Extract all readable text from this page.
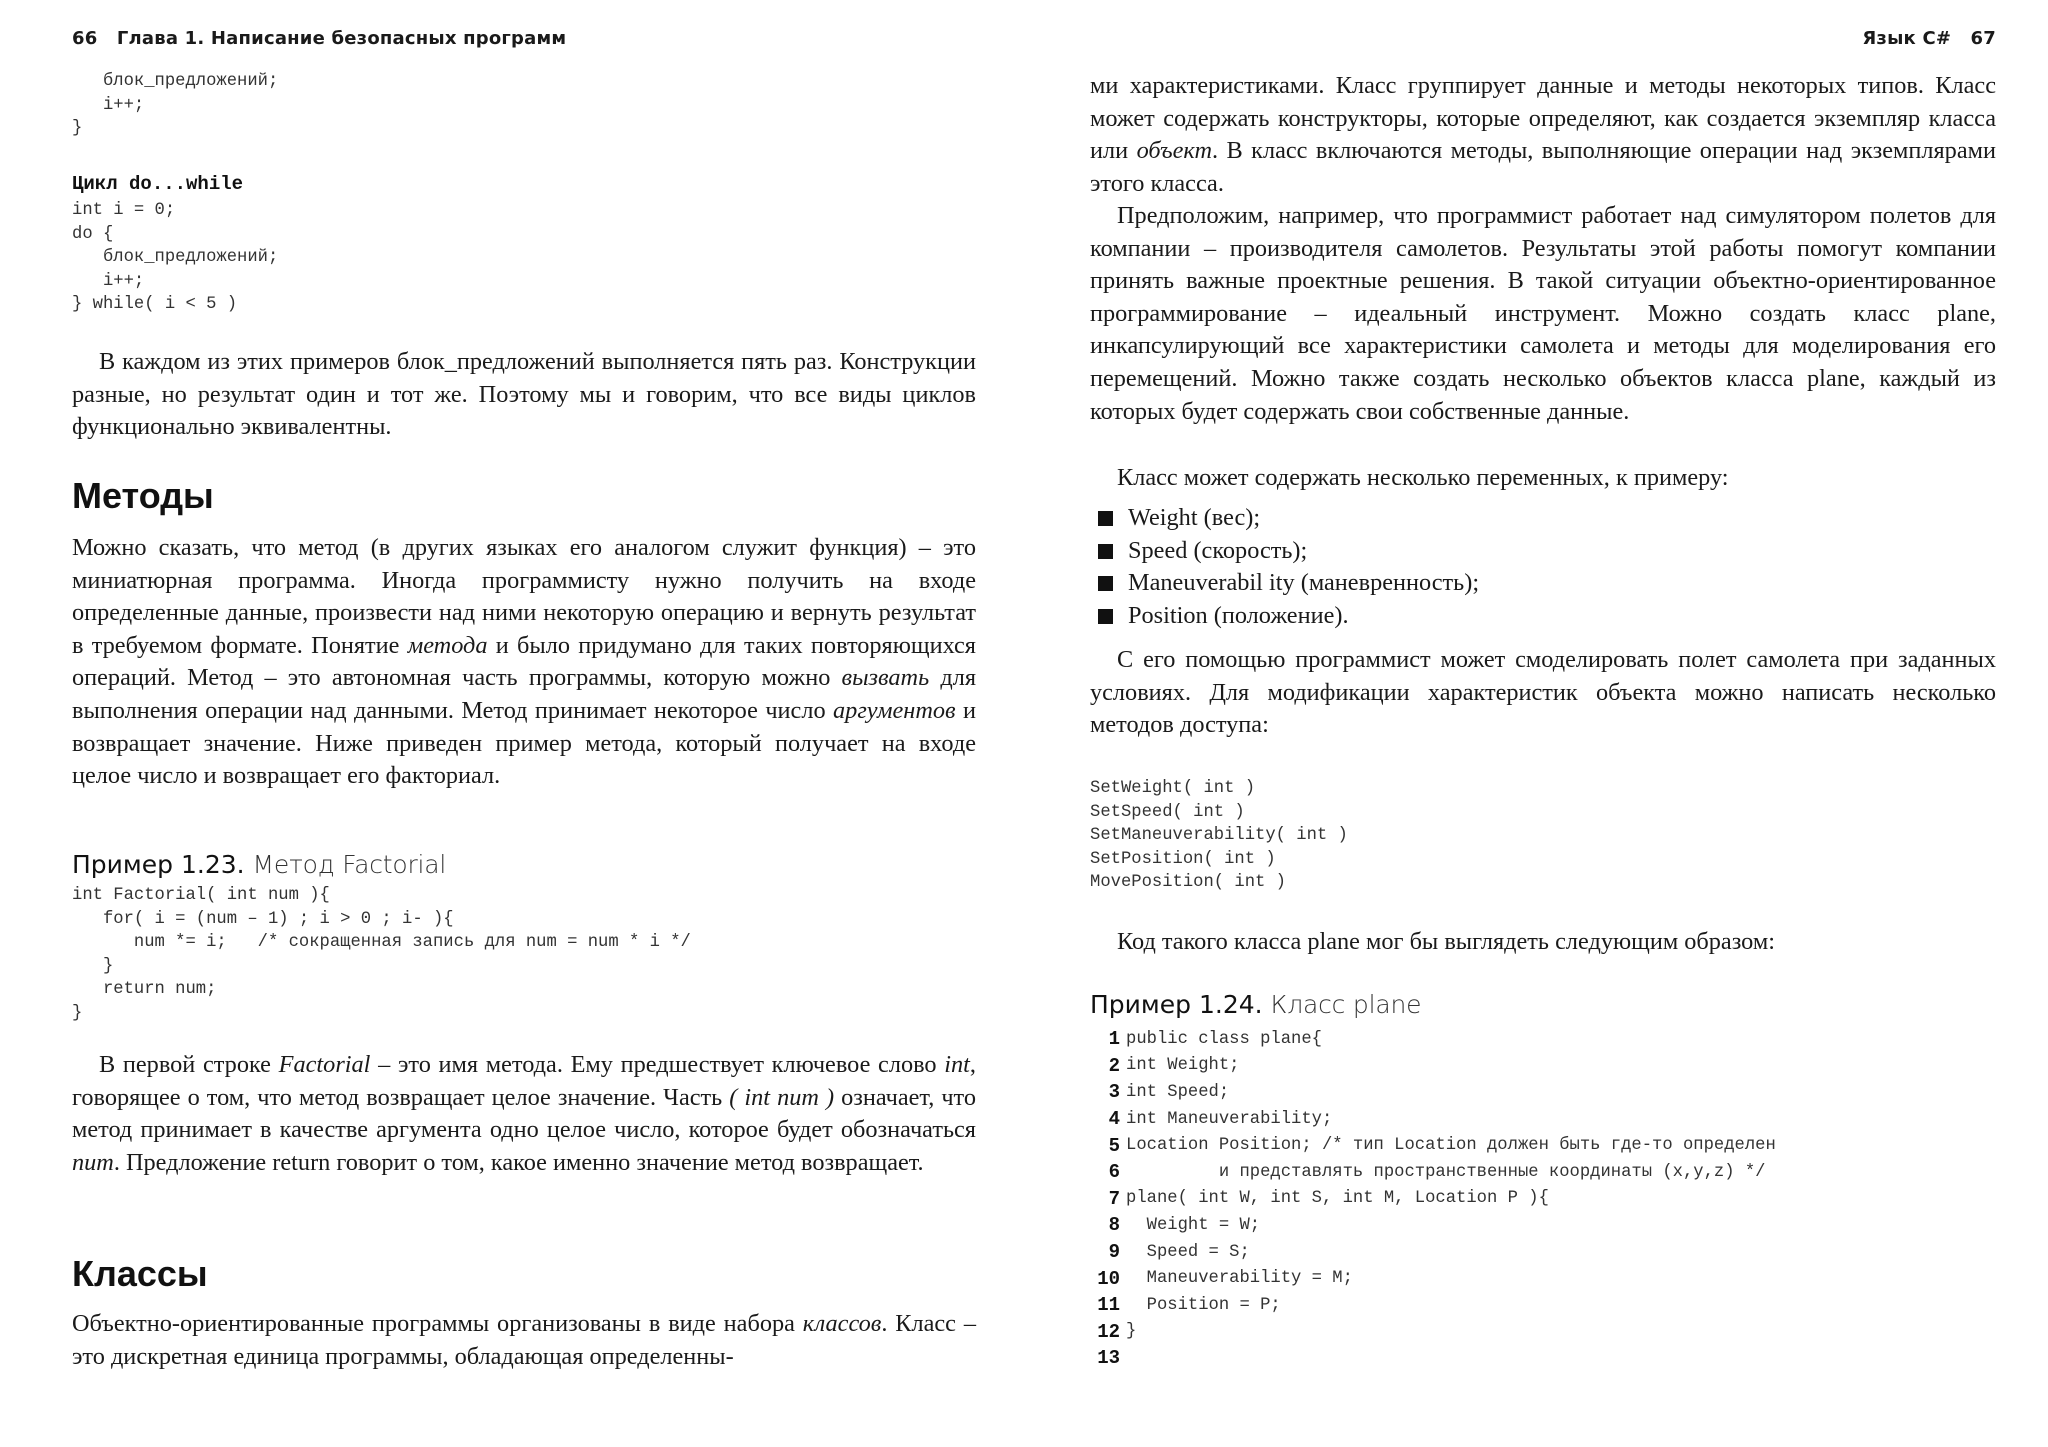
66 Глава 1. Написание безопасных программ
блок_предложений;
i++;
}
Цикл do...while
int i = 0;
do {
блок_предложений;
i++;
} while( i < 5 )

В каждом из этих примеров блок_предложений выполняется пять раз. Конструкции разные, но результат один и тот же. Поэтому мы и говорим, что все виды циклов функционально эквивалентны.

Методы

Можно сказать, что метод (в других языках его аналогом служит функция) – это миниатюрная программа. Иногда программисту нужно получить на входе определенные данные, произвести над ними некоторую операцию и вернуть результат в требуемом формате. Понятие метода и было придумано для таких повторяющихся операций. Метод – это автономная часть программы, которую можно вызвать для выполнения операции над данными. Метод принимает некоторое число аргументов и возвращает значение. Ниже приведен пример метода, который получает на входе целое число и возвращает его факториал.

Пример 1.23. Метод Factorial
int Factorial( int num ){
for( i = (num – 1) ; i > 0 ; i- ){
num *= i;   /* сокращенная запись для num = num * i */
}
return num;
}

В первой строке Factorial – это имя метода. Ему предшествует ключевое слово int, говорящее о том, что метод возвращает целое значение. Часть ( int num ) означает, что метод принимает в качестве аргумента одно целое число, которое будет обозначаться num. Предложение return говорит о том, какое именно значение метод возвращает.

Классы

Объектно-ориентированные программы организованы в виде набора классов. Класс – это дискретная единица программы, обладающая определенны-

Язык C# 67

ми характеристиками. Класс группирует данные и методы некоторых типов. Класс может содержать конструкторы, которые определяют, как создается экземпляр класса или объект. В класс включаются методы, выполняющие операции над экземплярами этого класса.

Предположим, например, что программист работает над симулятором полетов для компании – производителя самолетов. Результаты этой работы помогут компании принять важные проектные решения. В такой ситуации объектно-ориентированное программирование – идеальный инструмент. Можно создать класс plane, инкапсулирующий все характеристики самолета и методы для моделирования его перемещений. Можно также создать несколько объектов класса plane, каждый из которых будет содержать свои собственные данные.

Класс может содержать несколько переменных, к примеру:

Weight (вес);
Speed (скорость);
Maneuverabil ity (маневренность);
Position (положение).

С его помощью программист может смоделировать полет самолета при заданных условиях. Для модификации характеристик объекта можно написать несколько методов доступа:

SetWeight( int )
SetSpeed( int )
SetManeuverability( int )
SetPosition( int )
MovePosition( int )

Код такого класса plane мог бы выглядеть следующим образом:

Пример 1.24. Класс plane
1	public class plane{
2	int Weight;
3	int Speed;
4	int Maneuverability;
5	Location Position; /* тип Location должен быть где-то определен
6	и представлять пространственные координаты (x,y,z) */
7	plane( int W, int S, int M, Location P ){
8	Weight = W;
9	Speed = S;
10	Maneuverability = M;
11	Position = P;
12	}
13	
